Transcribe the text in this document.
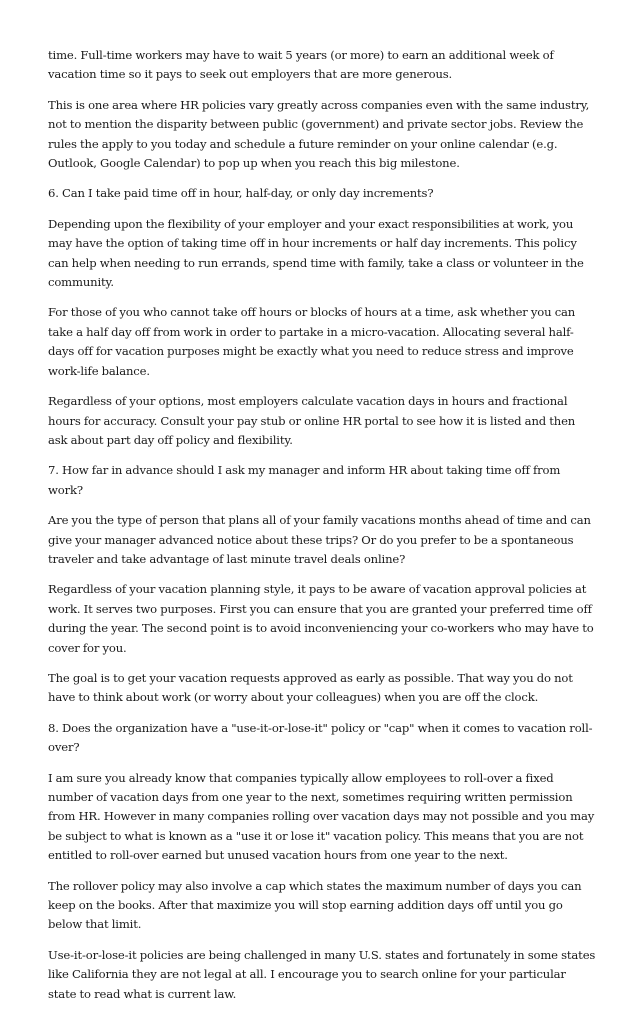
time. Full-time workers may have to wait 5 years (or more) to earn an additional week of vacation time so it pays to seek out employers that are more generous.

This is one area where HR policies vary greatly across companies even with the same industry, not to mention the disparity between public (government) and private sector jobs. Review the rules the apply to you today and schedule a future reminder on your online calendar (e.g. Outlook, Google Calendar) to pop up when you reach this big milestone.

6. Can I take paid time off in hour, half-day, or only day increments?

Depending upon the flexibility of your employer and your exact responsibilities at work, you may have the option of taking time off in hour increments or half day increments. This policy can help when needing to run errands, spend time with family, take a class or volunteer in the community.

For those of you who cannot take off hours or blocks of hours at a time, ask whether you can take a half day off from work in order to partake in a micro-vacation. Allocating several half-days off for vacation purposes might be exactly what you need to reduce stress and improve work-life balance.

Regardless of your options, most employers calculate vacation days in hours and fractional hours for accuracy. Consult your pay stub or online HR portal to see how it is listed and then ask about part day off policy and flexibility.

7. How far in advance should I ask my manager and inform HR about taking time off from work?

Are you the type of person that plans all of your family vacations months ahead of time and can give your manager advanced notice about these trips? Or do you prefer to be a spontaneous traveler and take advantage of last minute travel deals online?

Regardless of your vacation planning style, it pays to be aware of vacation approval policies at work. It serves two purposes. First you can ensure that you are granted your preferred time off during the year. The second point is to avoid inconveniencing your co-workers who may have to cover for you.

The goal is to get your vacation requests approved as early as possible. That way you do not have to think about work (or worry about your colleagues) when you are off the clock.

8. Does the organization have a "use-it-or-lose-it" policy or "cap" when it comes to vacation roll-over?

I am sure you already know that companies typically allow employees to roll-over a fixed number of vacation days from one year to the next, sometimes requiring written permission from HR. However in many companies rolling over vacation days may not possible and you may be subject to what is known as a "use it or lose it" vacation policy. This means that you are not entitled to roll-over earned but unused vacation hours from one year to the next.

The rollover policy may also involve a cap which states the maximum number of days you can keep on the books. After that maximize you will stop earning addition days off until you go below that limit.

Use-it-or-lose-it policies are being challenged in many U.S. states and fortunately in some states like California they are not legal at all. I encourage you to search online for your particular state to read what is current law.
